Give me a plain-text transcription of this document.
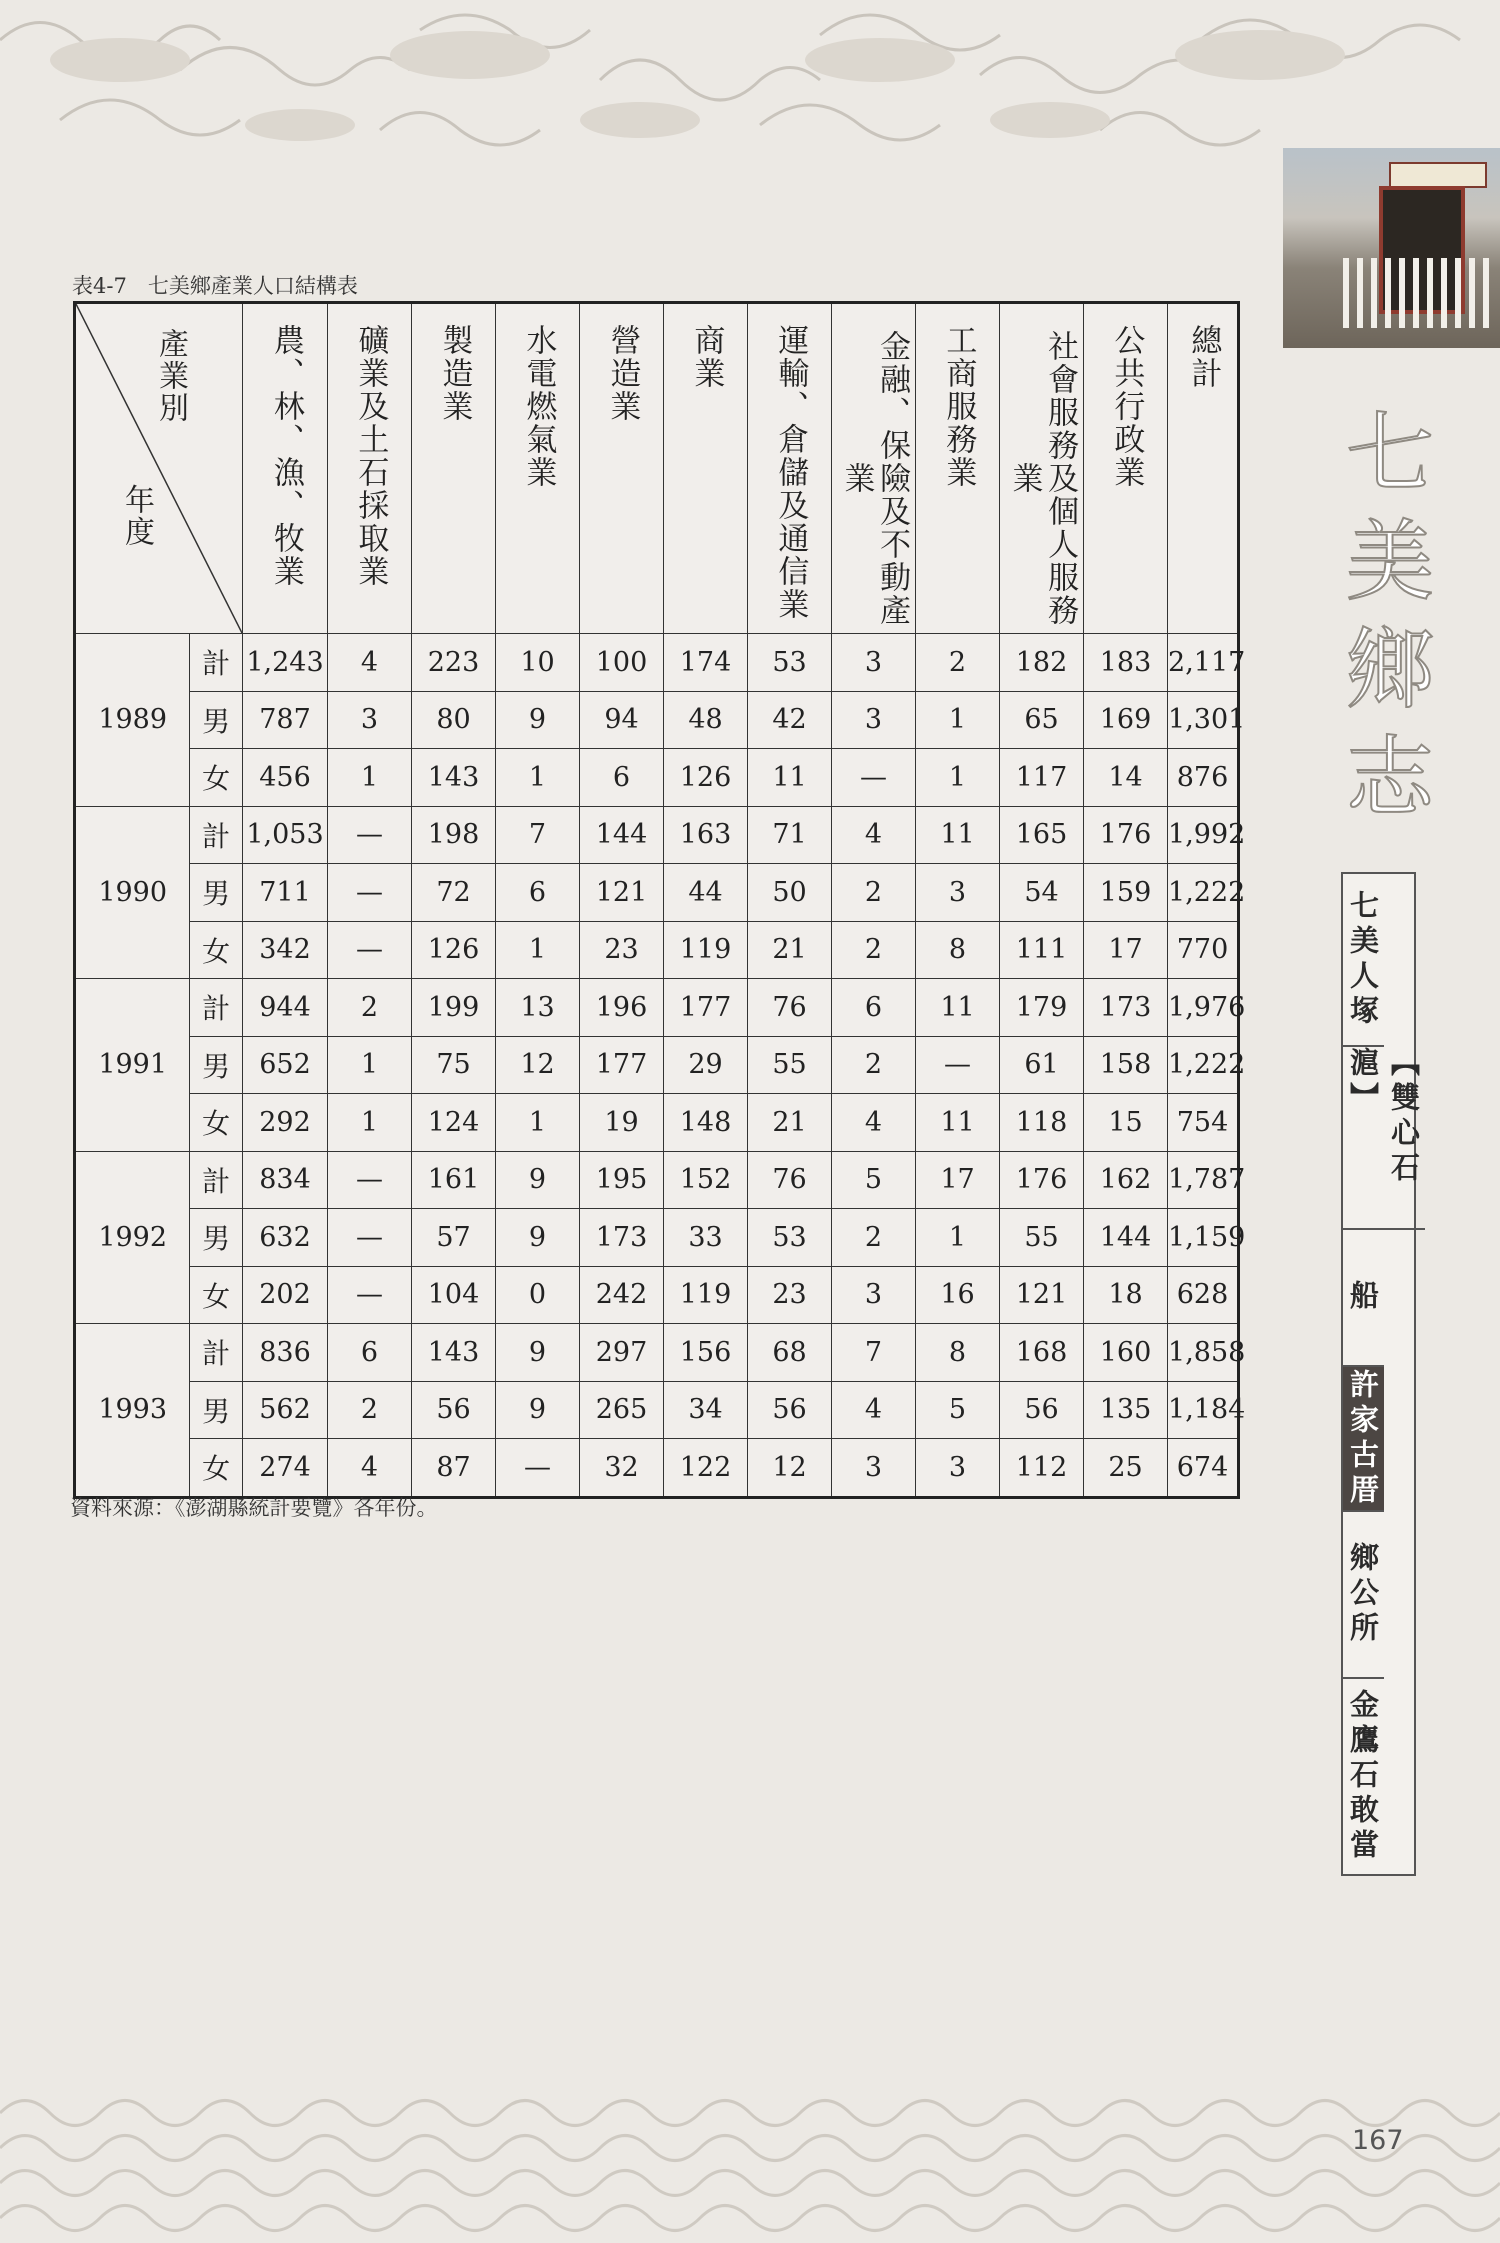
七
美
鄉
志
七美人塚
【雙心石滬】
船
許家古厝
鄉公所
金鷹石敢當
表4-7　七美鄉產業人口結構表
產業別
年度		農、林、漁、牧業	礦業及土石採取業	製造業	水電燃氣業	營造業	商業	運輸、倉儲及通信業	金融、保險及不動產業	工商服務業	社會服務及個人服務業	公共行政業	總計

1989	計	1,243	4	223	10	100	174	53	3	2	182	183	2,117
	男	787	3	80	9	94	48	42	3	1	65	169	1,301
	女	456	1	143	1	6	126	11	—	1	117	14	876
1990	計	1,053	—	198	7	144	163	71	4	11	165	176	1,992
	男	711	—	72	6	121	44	50	2	3	54	159	1,222
	女	342	—	126	1	23	119	21	2	8	111	17	770
1991	計	944	2	199	13	196	177	76	6	11	179	173	1,976
	男	652	1	75	12	177	29	55	2	—	61	158	1,222
	女	292	1	124	1	19	148	21	4	11	118	15	754
1992	計	834	—	161	9	195	152	76	5	17	176	162	1,787
	男	632	—	57	9	173	33	53	2	1	55	144	1,159
	女	202	—	104	0	242	119	23	3	16	121	18	628
1993	計	836	6	143	9	297	156	68	7	8	168	160	1,858
	男	562	2	56	9	265	34	56	4	5	56	135	1,184
	女	274	4	87	—	32	122	12	3	3	112	25	674
資料來源：《澎湖縣統計要覽》各年份。
167
